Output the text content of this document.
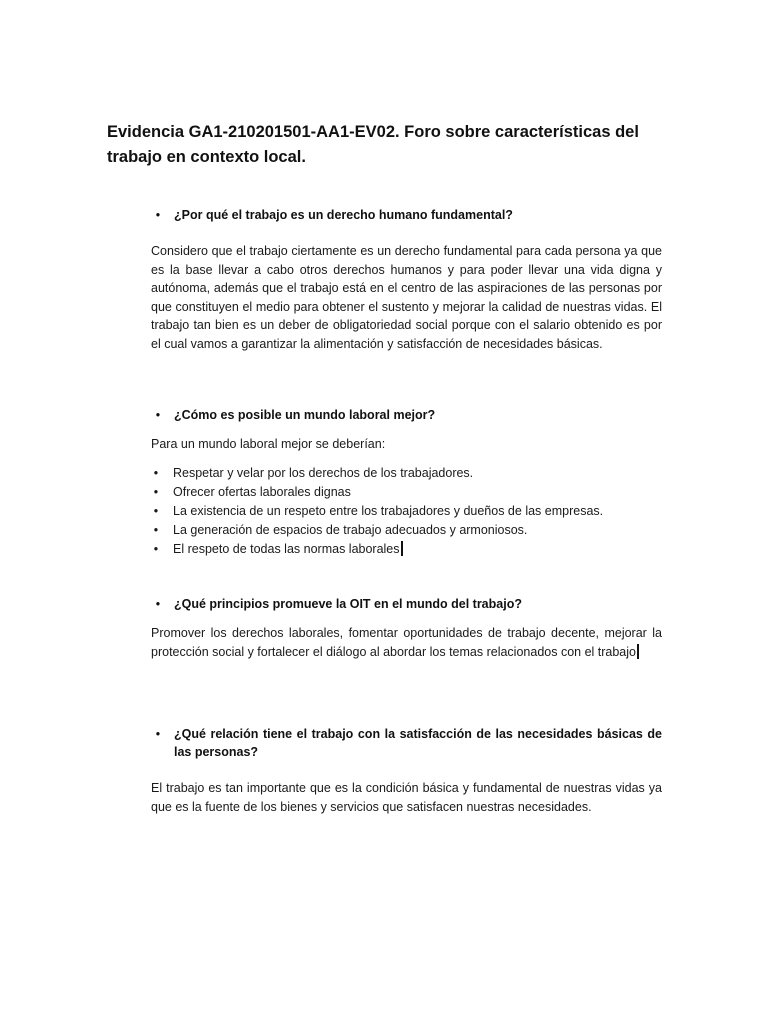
Evidencia GA1-210201501-AA1-EV02. Foro sobre características del trabajo en contexto local.

•	¿Por qué el trabajo es un derecho humano fundamental?

Considero que el trabajo ciertamente es un derecho fundamental para cada persona ya que es la base llevar a cabo otros derechos humanos y para poder llevar una vida digna y autónoma, además que el trabajo está en el centro de las aspiraciones de las personas por que constituyen el medio para obtener el sustento y mejorar la calidad de nuestras vidas. El trabajo tan bien es un deber de obligatoriedad social porque con el salario obtenido es por el cual vamos a garantizar la alimentación y satisfacción de necesidades básicas.

•	¿Cómo es posible un mundo laboral mejor?

Para un mundo laboral mejor se deberían:

• Respetar y velar por los derechos de los trabajadores.
• Ofrecer ofertas laborales dignas
• La existencia de un respeto entre los trabajadores y dueños de las empresas.
• La generación de espacios de trabajo adecuados y armoniosos.
• El respeto de todas las normas laborales

•	¿Qué principios promueve la OIT en el mundo del trabajo?

Promover los derechos laborales, fomentar oportunidades de trabajo decente, mejorar la protección social y fortalecer el diálogo al abordar los temas relacionados con el trabajo

•	¿Qué relación tiene el trabajo con la satisfacción de las necesidades básicas de las personas?

El trabajo es tan importante que es la condición básica y fundamental de nuestras vidas ya que es la fuente de los bienes y servicios que satisfacen nuestras necesidades.
